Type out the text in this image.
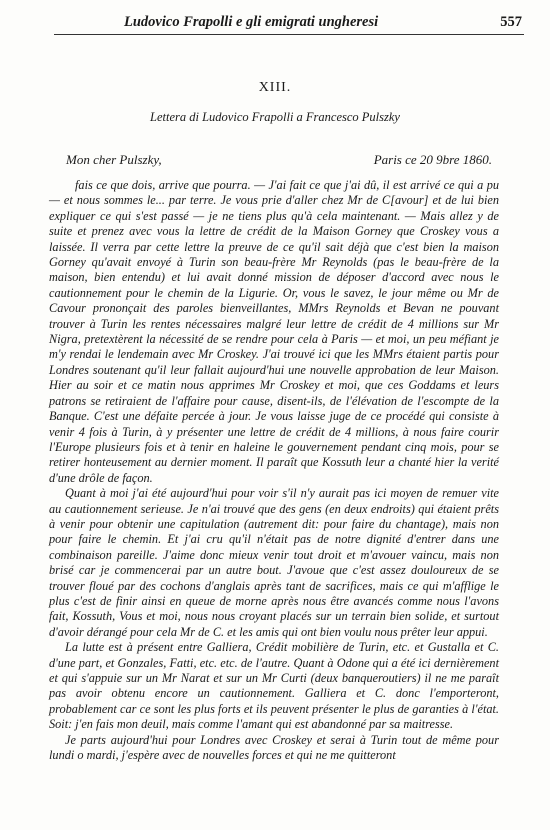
Ludovico Frapolli e gli emigrati ungheresi	557
XIII.
Lettera di Ludovico Frapolli a Francesco Pulszky
Mon cher Pulszky,	Paris ce 20 9bre 1860.

fais ce que dois, arrive que pourra. — J'ai fait ce que j'ai dû, il est arrivé ce qui a pu — et nous sommes le... par terre. Je vous prie d'aller chez Mr de C[avour] et de lui bien expliquer ce qui s'est passé — je ne tiens plus qu'à cela maintenant. — Mais allez y de suite et prenez avec vous la lettre de crédit de la Maison Gorney que Croskey vous a laissée. Il verra par cette lettre la preuve de ce qu'il sait déjà que c'est bien la maison Gorney qu'avait envoyé à Turin son beau-frère Mr Reynolds (pas le beau-frère de la maison, bien entendu) et lui avait donné mission de déposer d'accord avec nous le cautionnement pour le chemin de la Ligurie. Or, vous le savez, le jour même ou Mr de Cavour prononçait des paroles bienveillantes, MMrs Reynolds et Bevan ne pouvant trouver à Turin les rentes nécessaires malgré leur lettre de crédit de 4 millions sur Mr Nigra, pretextèrent la nécessité de se rendre pour cela à Paris — et moi, un peu méfiant je m'y rendai le lendemain avec Mr Croskey. J'ai trouvé ici que les MMrs étaient partis pour Londres soutenant qu'il leur fallait aujourd'hui une nouvelle approbation de leur Maison. Hier au soir et ce matin nous apprimes Mr Croskey et moi, que ces Goddams et leurs patrons se retiraient de l'affaire pour cause, disent-ils, de l'élévation de l'escompte de la Banque. C'est une défaite percée à jour. Je vous laisse juge de ce procédé qui consiste à venir 4 fois à Turin, à y présenter une lettre de crédit de 4 millions, à nous faire courir l'Europe plusieurs fois et à tenir en haleine le gouvernement pendant cinq mois, pour se retirer honteusement au dernier moment. Il paraît que Kossuth leur a chanté hier la verité d'une drôle de façon.

Quant à moi j'ai été aujourd'hui pour voir s'il n'y aurait pas ici moyen de remuer vite au cautionnement serieuse. Je n'ai trouvé que des gens (en deux endroits) qui étaient prêts à venir pour obtenir une capitulation (autrement dit: pour faire du chantage), mais non pour faire le chemin. Et j'ai cru qu'il n'était pas de notre dignité d'entrer dans une combinaison pareille. J'aime donc mieux venir tout droit et m'avouer vaincu, mais non brisé car je commencerai par un autre bout. J'avoue que c'est assez douloureux de se trouver floué par des cochons d'anglais après tant de sacrifices, mais ce qui m'afflige le plus c'est de finir ainsi en queue de morne après nous être avancés comme nous l'avons fait, Kossuth, Vous et moi, nous nous croyant placés sur un terrain bien solide, et surtout d'avoir dérangé pour cela Mr de C. et les amis qui ont bien voulu nous prêter leur appui.

La lutte est à présent entre Galliera, Crédit mobilière de Turin, etc. et Gustalla et C. d'une part, et Gonzales, Fatti, etc. etc. de l'autre. Quant à Odone qui a été ici dernièrement et qui s'appuie sur un Mr Narat et sur un Mr Curti (deux banqueroutiers) il ne me paraît pas avoir obtenu encore un cautionnement. Galliera et C. donc l'emporteront, probablement car ce sont les plus forts et ils peuvent présenter le plus de garanties à l'état. Soit: j'en fais mon deuil, mais comme l'amant qui est abandonné par sa maitresse.

Je parts aujourd'hui pour Londres avec Croskey et serai à Turin tout de même pour lundi o mardi, j'espère avec de nouvelles forces et qui ne me quitteront
